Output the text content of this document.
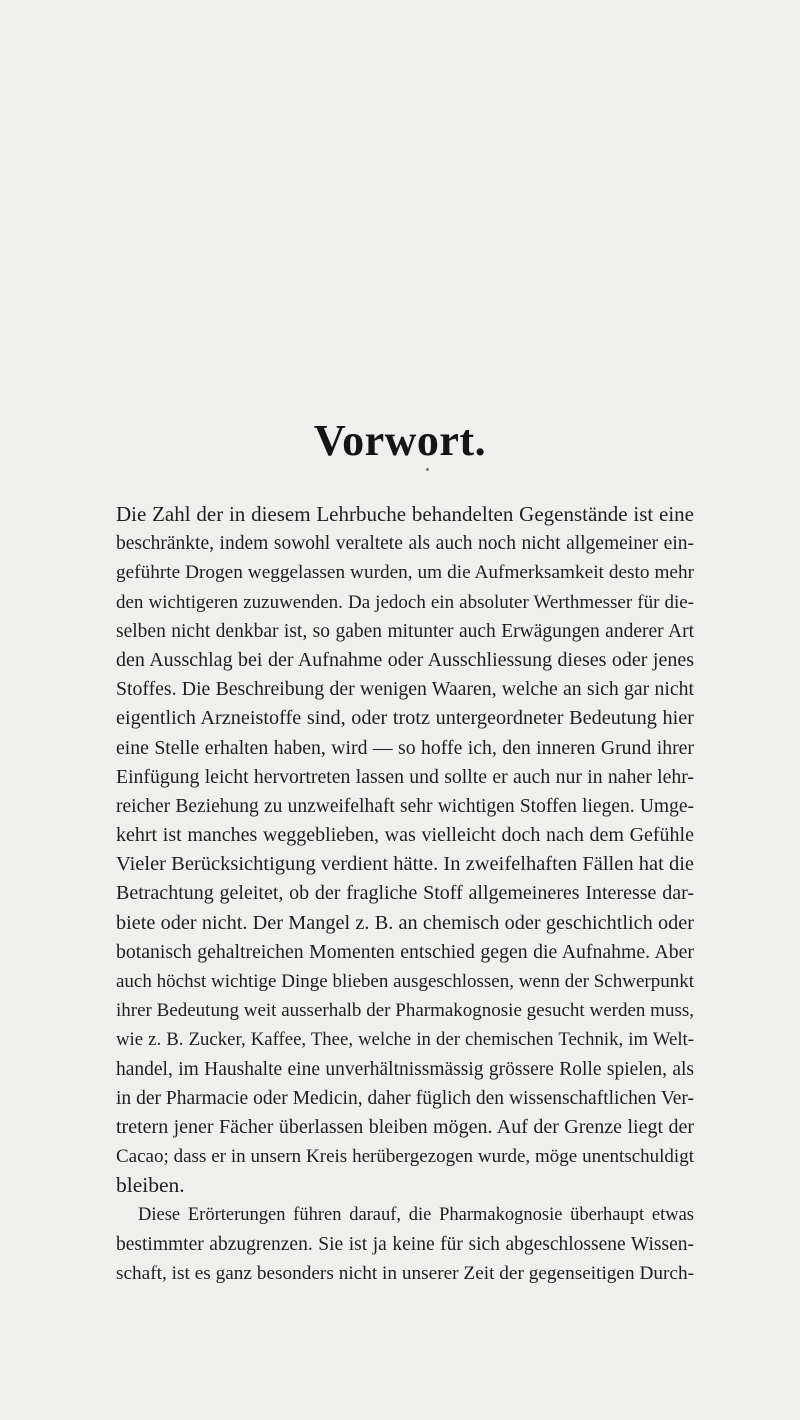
Vorwort.
Die Zahl der in diesem Lehrbuche behandelten Gegenstände ist eine
beschränkte, indem sowohl veraltete als auch noch nicht allgemeiner ein-
geführte Drogen weggelassen wurden, um die Aufmerksamkeit desto mehr
den wichtigeren zuzuwenden. Da jedoch ein absoluter Werthmesser für die-
selben nicht denkbar ist, so gaben mitunter auch Erwägungen anderer Art
den Ausschlag bei der Aufnahme oder Ausschliessung dieses oder jenes
Stoffes. Die Beschreibung der wenigen Waaren, welche an sich gar nicht
eigentlich Arzneistoffe sind, oder trotz untergeordneter Bedeutung hier
eine Stelle erhalten haben, wird — so hoffe ich, den inneren Grund ihrer
Einfügung leicht hervortreten lassen und sollte er auch nur in naher lehr-
reicher Beziehung zu unzweifelhaft sehr wichtigen Stoffen liegen. Umge-
kehrt ist manches weggeblieben, was vielleicht doch nach dem Gefühle
Vieler Berücksichtigung verdient hätte. In zweifelhaften Fällen hat die
Betrachtung geleitet, ob der fragliche Stoff allgemeineres Interesse dar-
biete oder nicht. Der Mangel z. B. an chemisch oder geschichtlich oder
botanisch gehaltreichen Momenten entschied gegen die Aufnahme. Aber
auch höchst wichtige Dinge blieben ausgeschlossen, wenn der Schwerpunkt
ihrer Bedeutung weit ausserhalb der Pharmakognosie gesucht werden muss,
wie z. B. Zucker, Kaffee, Thee, welche in der chemischen Technik, im Welt-
handel, im Haushalte eine unverhältnissmässig grössere Rolle spielen, als
in der Pharmacie oder Medicin, daher füglich den wissenschaftlichen Ver-
tretern jener Fächer überlassen bleiben mögen. Auf der Grenze liegt der
Cacao; dass er in unsern Kreis herübergezogen wurde, möge unentschuldigt
bleiben.
Diese Erörterungen führen darauf, die Pharmakognosie überhaupt etwas
bestimmter abzugrenzen. Sie ist ja keine für sich abgeschlossene Wissen-
schaft, ist es ganz besonders nicht in unserer Zeit der gegenseitigen Durch-
